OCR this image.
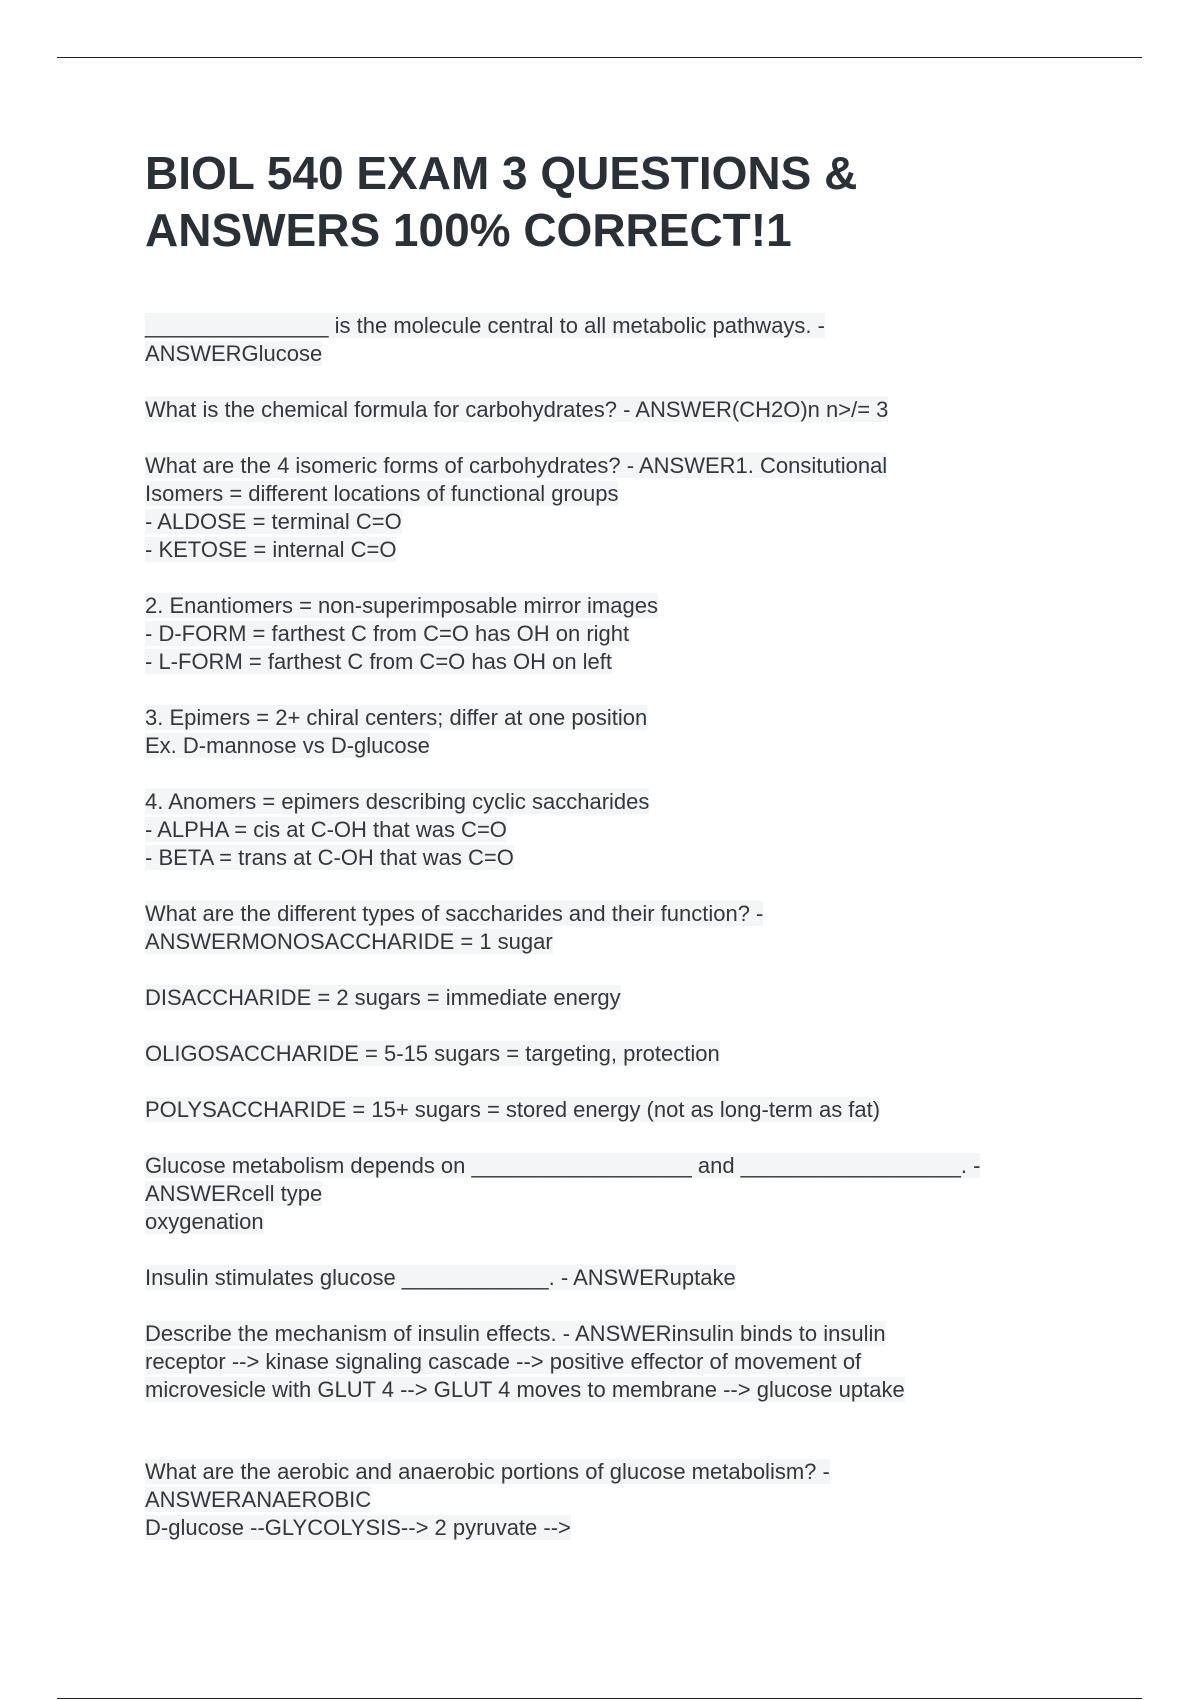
BIOL 540 EXAM 3 QUESTIONS &
ANSWERS 100% CORRECT!1
_______________ is the molecule central to all metabolic pathways. -
ANSWERGlucose
What is the chemical formula for carbohydrates? - ANSWER(CH2O)n n>/= 3
What are the 4 isomeric forms of carbohydrates? - ANSWER1. Consitutional
Isomers = different locations of functional groups
- ALDOSE = terminal C=O
- KETOSE = internal C=O
2. Enantiomers = non-superimposable mirror images
- D-FORM = farthest C from C=O has OH on right
- L-FORM = farthest C from C=O has OH on left
3. Epimers = 2+ chiral centers; differ at one position
Ex. D-mannose vs D-glucose
4. Anomers = epimers describing cyclic saccharides
- ALPHA = cis at C-OH that was C=O
- BETA = trans at C-OH that was C=O
What are the different types of saccharides and their function? -
ANSWERMONOSACCHARIDE = 1 sugar
DISACCHARIDE = 2 sugars = immediate energy
OLIGOSACCHARIDE = 5-15 sugars = targeting, protection
POLYSACCHARIDE = 15+ sugars = stored energy (not as long-term as fat)
Glucose metabolism depends on __________________ and __________________. -
ANSWERcell type
oxygenation
Insulin stimulates glucose ____________. - ANSWERuptake
Describe the mechanism of insulin effects. - ANSWERinsulin binds to insulin
receptor --> kinase signaling cascade --> positive effector of movement of
microvesicle with GLUT 4 --> GLUT 4 moves to membrane --> glucose uptake
What are the aerobic and anaerobic portions of glucose metabolism? -
ANSWERANAEROBIC
D-glucose --GLYCOLYSIS--> 2 pyruvate -->
